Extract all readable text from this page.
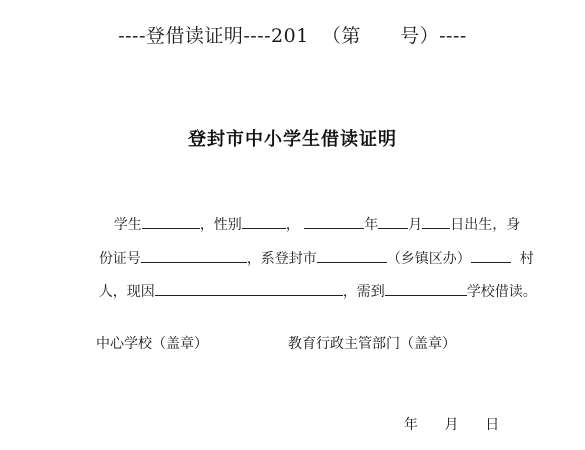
----登借读证明----201  （第      号）----
登封市中小学生借读证明

学生	，性别	，	年 月 日出生，身

份证号	，系登封市	（乡镇区办）	村

人，现因	，需到	学校借读。

中心学校（盖章）	教育行政主管部门（盖章）

年 月 日
